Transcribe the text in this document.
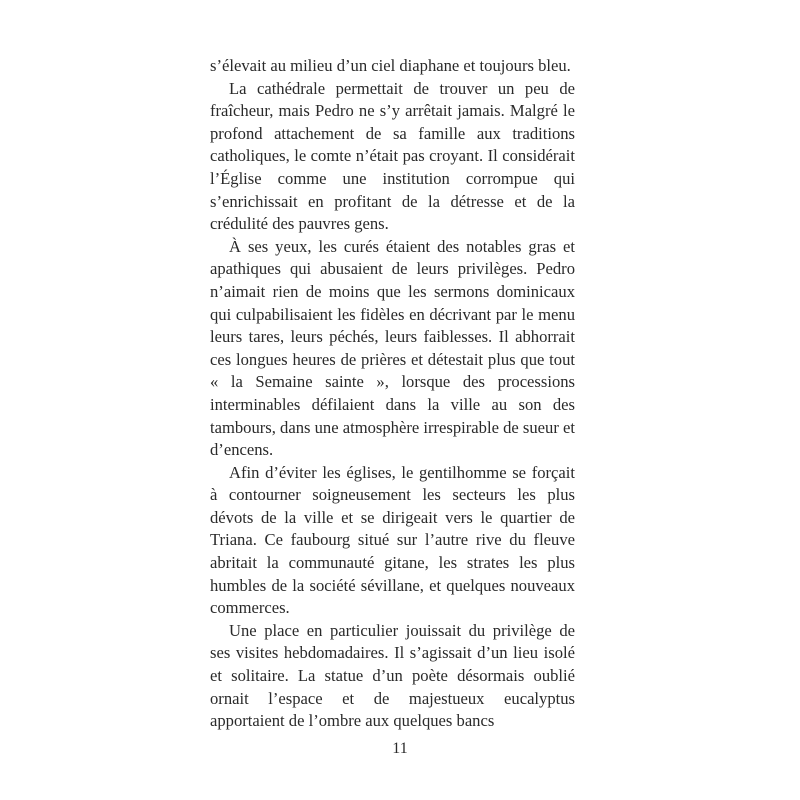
s’élevait au milieu d’un ciel diaphane et toujours bleu.

La cathédrale permettait de trouver un peu de fraîcheur, mais Pedro ne s’y arrêtait jamais. Malgré le profond attachement de sa famille aux traditions catholiques, le comte n’était pas croyant. Il considérait l’Église comme une institution corrompue qui s’enrichissait en profitant de la détresse et de la crédulité des pauvres gens.

À ses yeux, les curés étaient des notables gras et apathiques qui abusaient de leurs privilèges. Pedro n’aimait rien de moins que les sermons dominicaux qui culpabilisaient les fidèles en décrivant par le menu leurs tares, leurs péchés, leurs faiblesses. Il abhorrait ces longues heures de prières et détestait plus que tout « la Semaine sainte », lorsque des processions interminables défilaient dans la ville au son des tambours, dans une atmosphère irrespirable de sueur et d’encens.

Afin d’éviter les églises, le gentilhomme se forçait à contourner soigneusement les secteurs les plus dévots de la ville et se dirigeait vers le quartier de Triana. Ce faubourg situé sur l’autre rive du fleuve abritait la communauté gitane, les strates les plus humbles de la société sévillane, et quelques nouveaux commerces.

Une place en particulier jouissait du privilège de ses visites hebdomadaires. Il s’agissait d’un lieu isolé et solitaire. La statue d’un poète désormais oublié ornait l’espace et de majestueux eucalyptus apportaient de l’ombre aux quelques bancs

11
